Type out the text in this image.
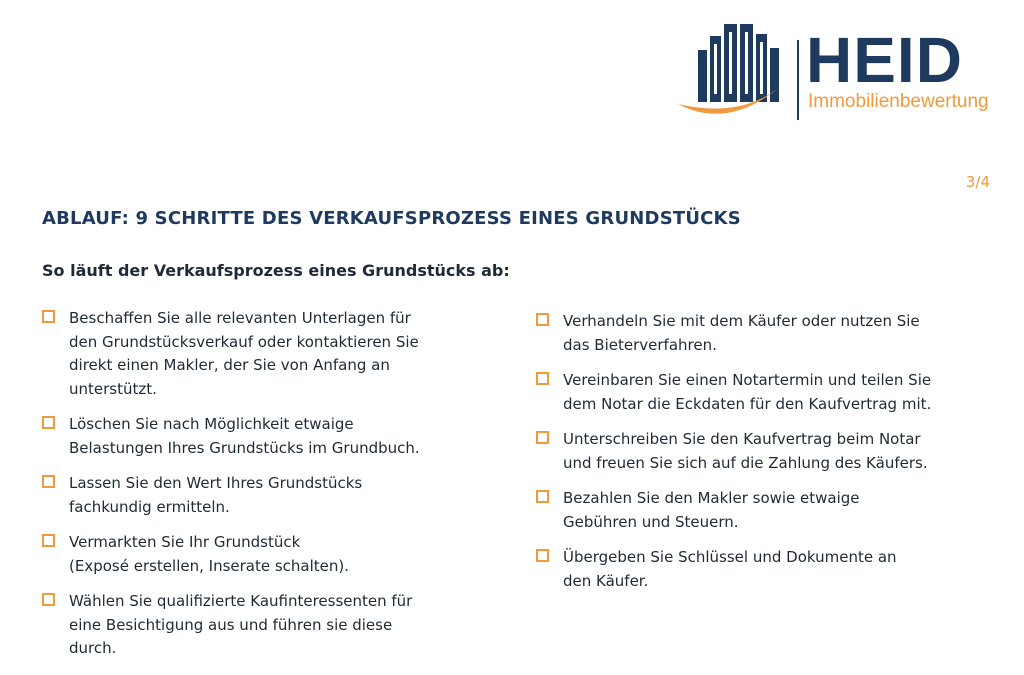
HEID
Immobilienbewertung
3/4
ABLAUF: 9 SCHRITTE DES VERKAUFSPROZESS EINES GRUNDSTÜCKS
So läuft der Verkaufsprozess eines Grundstücks ab:
Beschaffen Sie alle relevanten Unterlagen für
den Grundstücksverkauf oder kontaktieren Sie
direkt einen Makler, der Sie von Anfang an
unterstützt.
Löschen Sie nach Möglichkeit etwaige
Belastungen Ihres Grundstücks im Grundbuch.
Lassen Sie den Wert Ihres Grundstücks
fachkundig ermitteln.
Vermarkten Sie Ihr Grundstück
(Exposé erstellen, Inserate schalten).
Wählen Sie qualifizierte Kaufinteressenten für
eine Besichtigung aus und führen sie diese
durch.
Verhandeln Sie mit dem Käufer oder nutzen Sie
das Bieterverfahren.
Vereinbaren Sie einen Notartermin und teilen Sie
dem Notar die Eckdaten für den Kaufvertrag mit.
Unterschreiben Sie den Kaufvertrag beim Notar
und freuen Sie sich auf die Zahlung des Käufers.
Bezahlen Sie den Makler sowie etwaige
Gebühren und Steuern.
Übergeben Sie Schlüssel und Dokumente an
den Käufer.
